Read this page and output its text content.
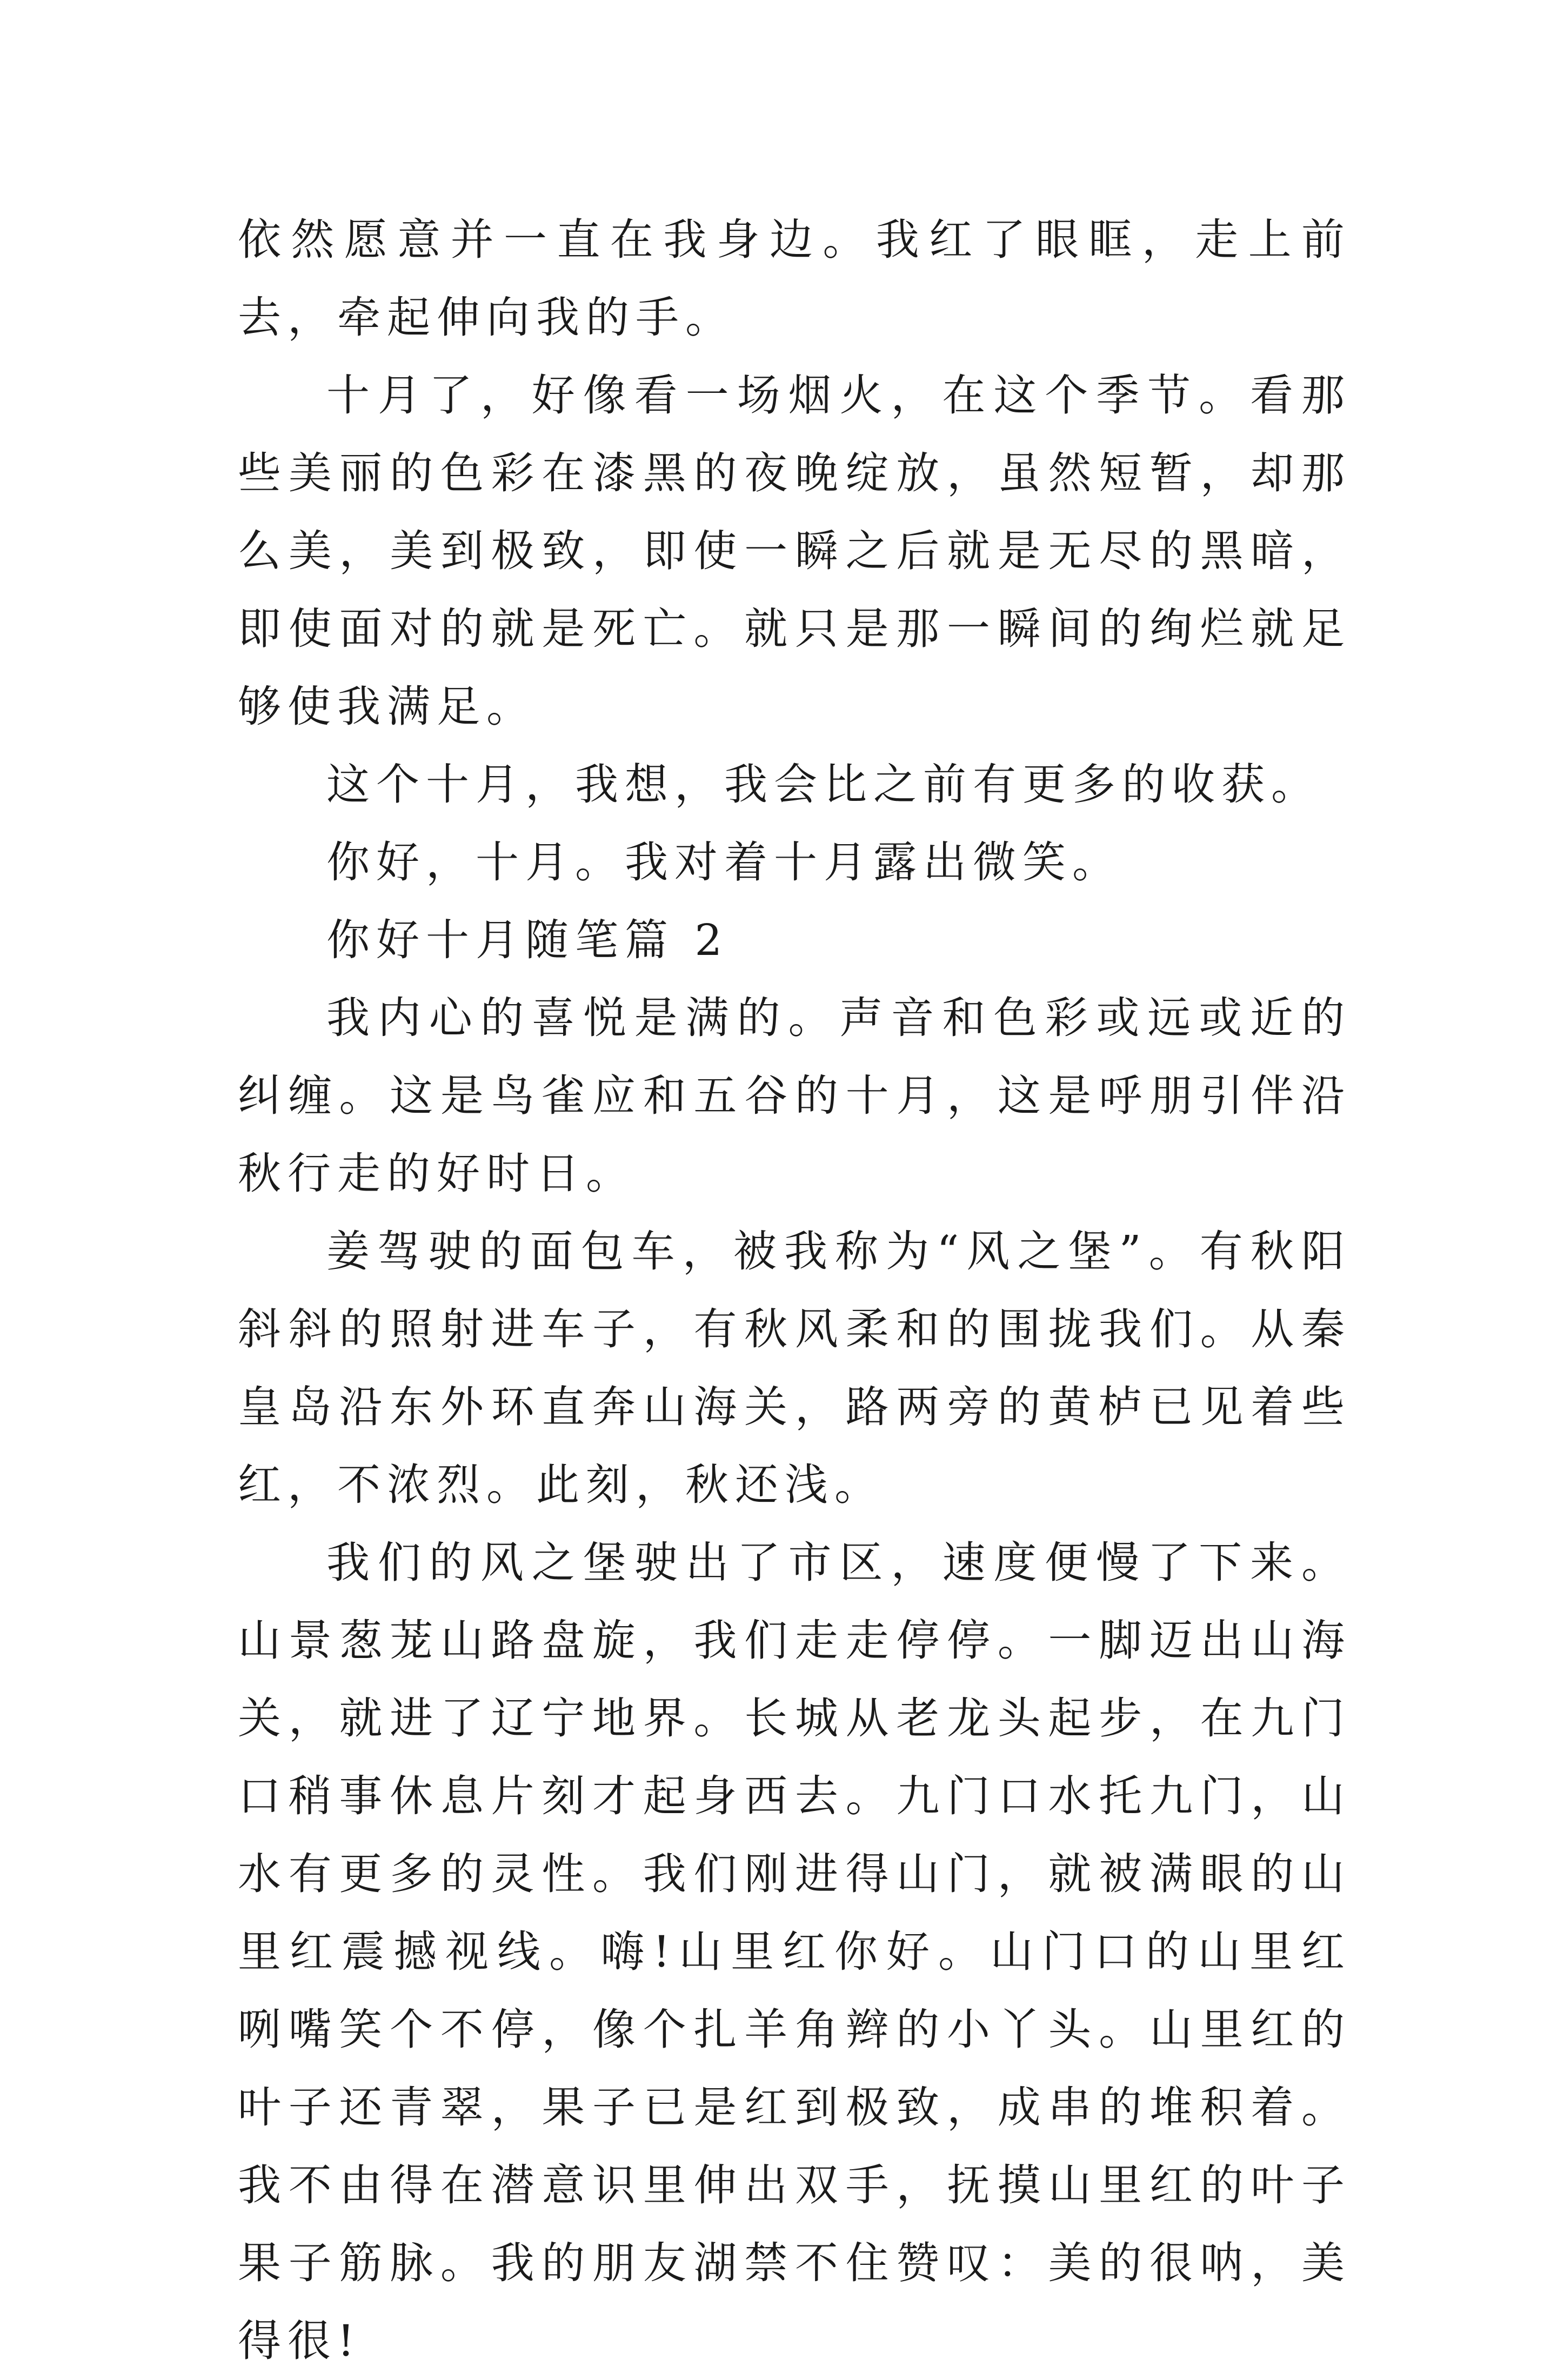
依然愿意并一直在我身边。我红了眼眶，走上前去，牵起伸向我的手。

十月了，好像看一场烟火，在这个季节。看那些美丽的色彩在漆黑的夜晚绽放，虽然短暂，却那么美，美到极致，即使一瞬之后就是无尽的黑暗，即使面对的就是死亡。就只是那一瞬间的绚烂就足够使我满足。

这个十月，我想，我会比之前有更多的收获。

你好，十月。我对着十月露出微笑。

你好十月随笔篇 2

我内心的喜悦是满的。声音和色彩或远或近的纠缠。这是鸟雀应和五谷的十月，这是呼朋引伴沿秋行走的好时日。

姜驾驶的面包车，被我称为“风之堡”。有秋阳斜斜的照射进车子，有秋风柔和的围拢我们。从秦皇岛沿东外环直奔山海关，路两旁的黄栌已见着些红，不浓烈。此刻，秋还浅。

我们的风之堡驶出了市区，速度便慢了下来。山景葱茏山路盘旋，我们走走停停。一脚迈出山海关，就进了辽宁地界。长城从老龙头起步，在九门口稍事休息片刻才起身西去。九门口水托九门，山水有更多的灵性。我们刚进得山门，就被满眼的山里红震撼视线。嗨!山里红你好。山门口的山里红咧嘴笑个不停，像个扎羊角辫的小丫头。山里红的叶子还青翠，果子已是红到极致，成串的堆积着。我不由得在潜意识里伸出双手，抚摸山里红的叶子果子筋脉。我的朋友湖禁不住赞叹：美的很呐，美得很!
